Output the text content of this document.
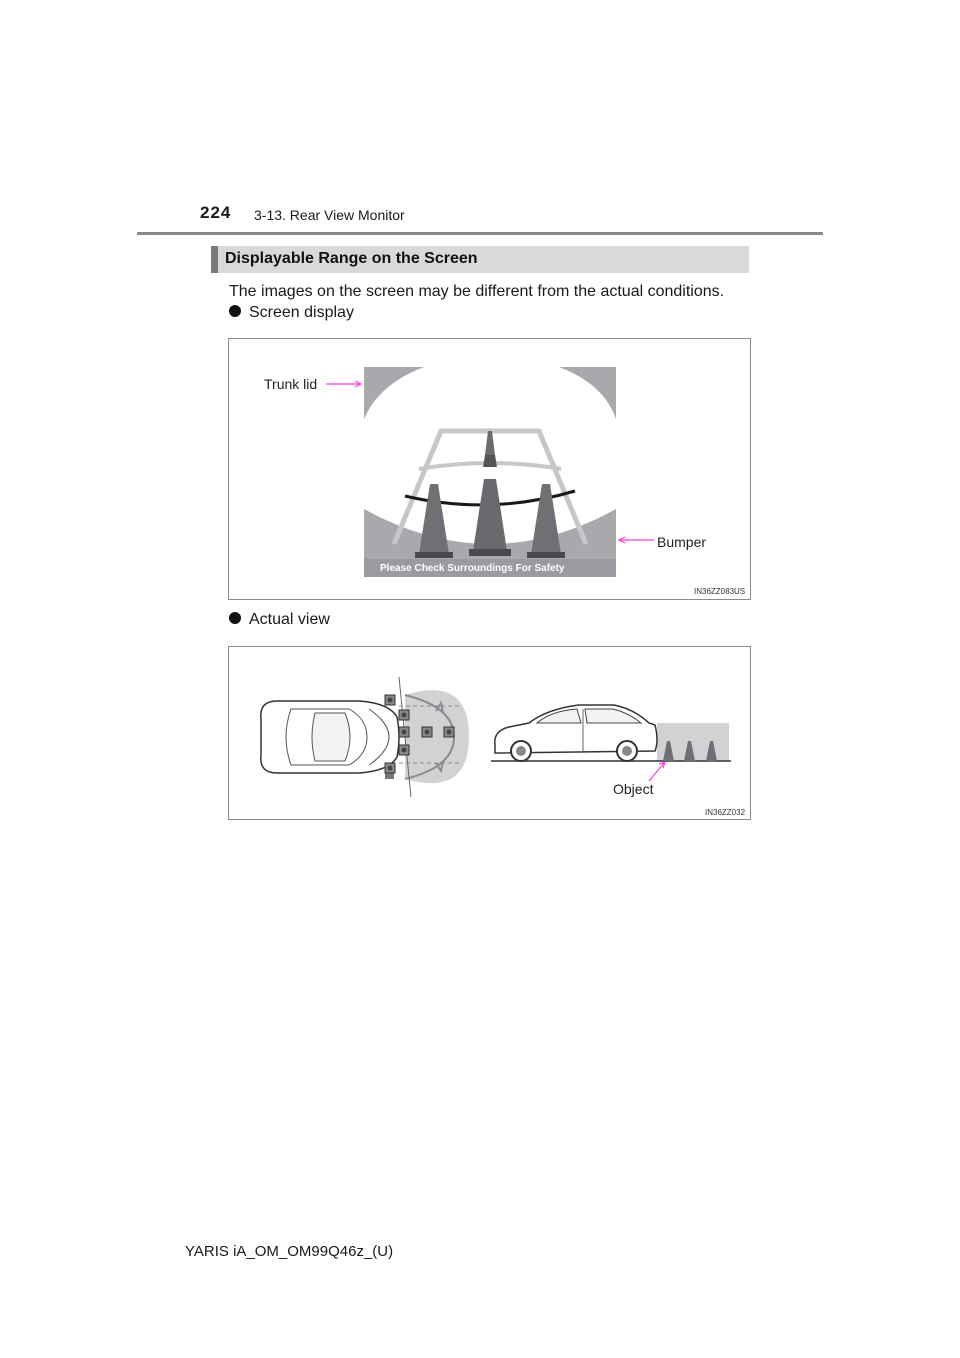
224 3-13. Rear View Monitor
Displayable Range on the Screen
The images on the screen may be different from the actual conditions.
Screen display
Please Check Surroundings For Safety
Trunk lid
Bumper
IN36ZZ083US
Actual view
Object
IN36ZZ032
YARIS iA_OM_OM99Q46z_(U)
